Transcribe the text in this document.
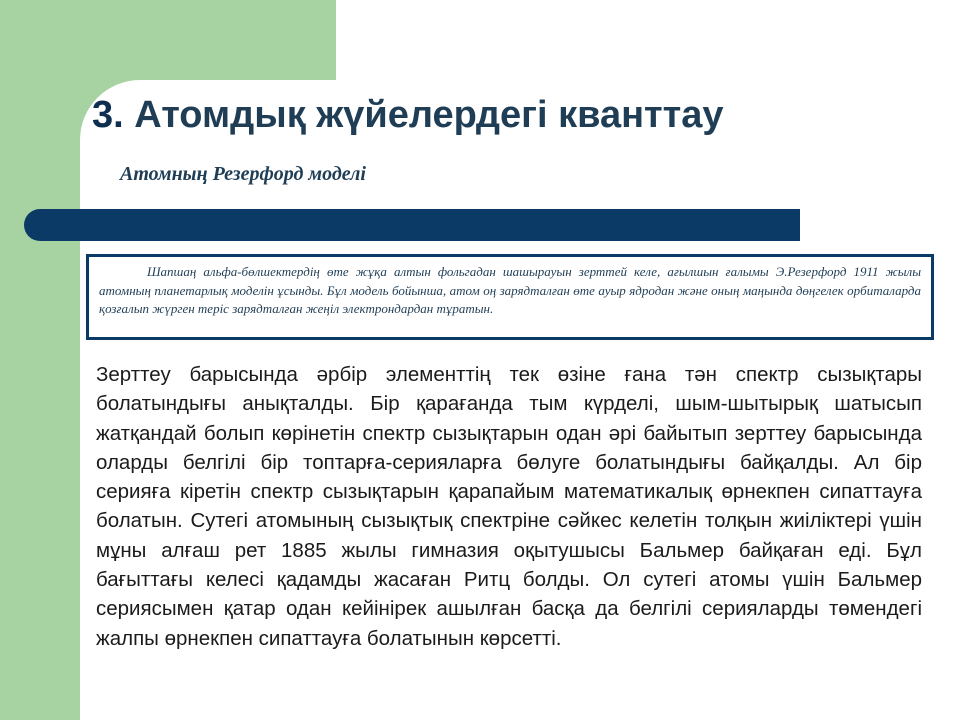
3. Атомдық жүйелердегі кванттау
Атомның Резерфорд моделі

Шапшаң альфа-бөлшектердің өте жұқа алтын фольгадан шашырауын зерттей келе, ағылшын ғалымы Э.Резерфорд 1911 жылы атомның планетарлық моделін ұсынды. Бұл модель бойынша, атом оң зарядталған өте ауыр ядродан және оның маңында дөңгелек орбиталарда қозғалып жүрген теріс зарядталған жеңіл электрондардан тұратын.

Зерттеу барысында әрбір элементтің тек өзіне ғана тән спектр сызықтары болатындығы анықталды. Бір қарағанда тым күрделі, шым-шытырық шатысып жатқандай болып көрінетін спектр сызықтарын одан әрі байытып зерттеу барысында оларды белгілі бір топтарға-серияларға бөлуге болатындығы байқалды. Ал бір серияға кіретін спектр сызықтарын қарапайым математикалық өрнекпен сипаттауға болатын. Сутегі атомының сызықтық спектріне сәйкес келетін толқын жиіліктері үшін мұны алғаш рет 1885 жылы гимназия оқытушысы Бальмер байқаған еді. Бұл бағыттағы келесі қадамды жасаған Ритц болды. Ол сутегі атомы үшін Бальмер сериясымен қатар одан кейінірек ашылған басқа да белгілі серияларды төмендегі жалпы өрнекпен сипаттауға болатынын көрсетті.
